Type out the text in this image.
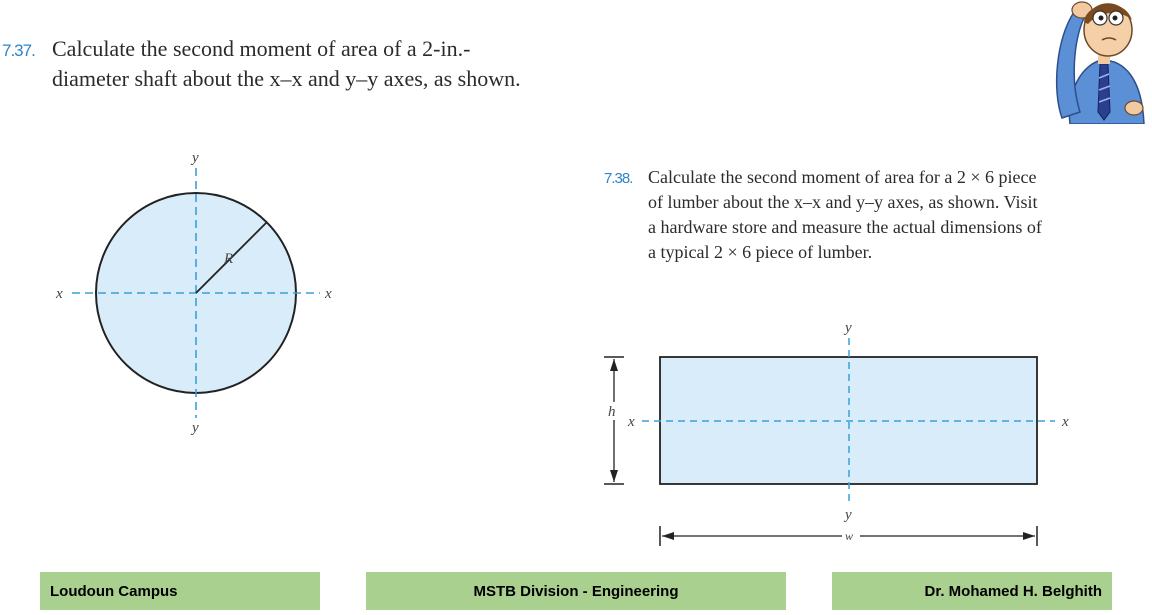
7.37. Calculate the second moment of area of a 2-in.-
diameter shaft about the x–x and y–y axes, as shown.
7.38. Calculate the second moment of area for a 2 × 6 piece
of lumber about the x–x and y–y axes, as shown. Visit
a hardware store and measure the actual dimensions of
a typical 2 × 6 piece of lumber.
y
y
x	x
R
y
y
x	x
h
w
Loudoun Campus	MSTB Division - Engineering	Dr. Mohamed H. Belghith
